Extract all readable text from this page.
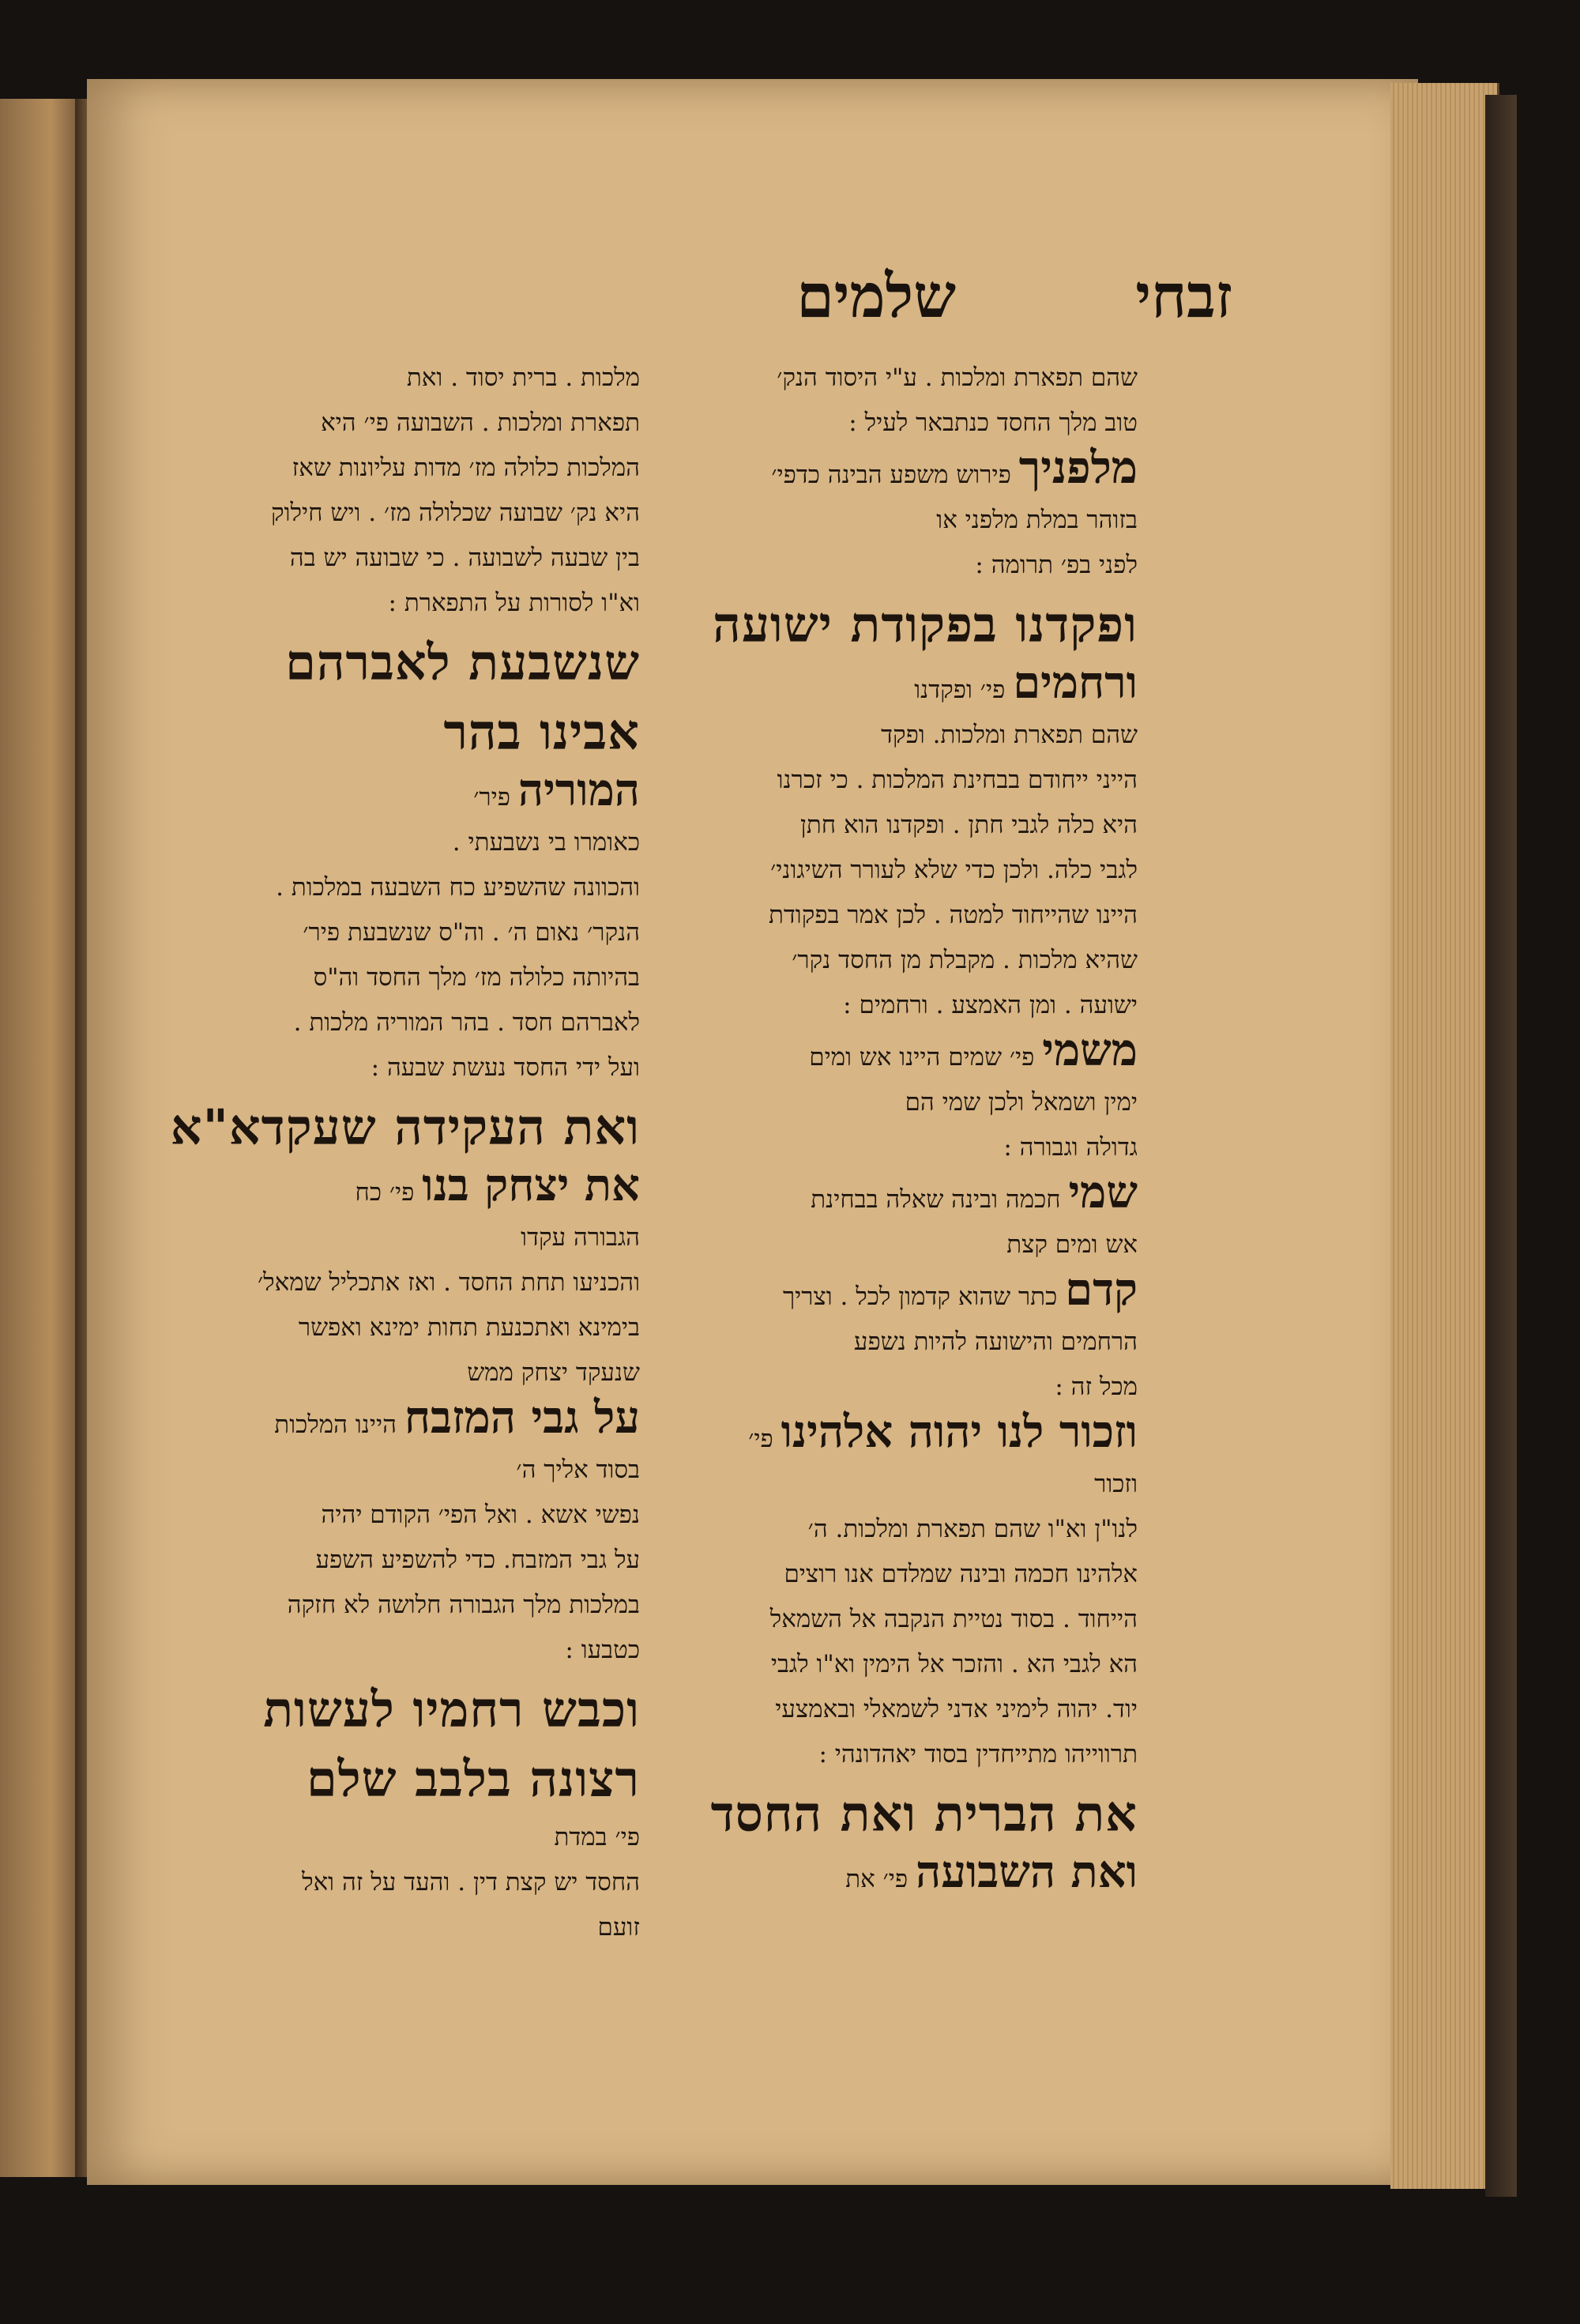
זבחי
שלמים
שהם תפארת ומלכות . ע"י היסוד הנק׳
טוב מלך החסד כנתבאר לעיל :
מלפניך פירוש משפע הבינה כדפי׳
בזוהר במלת מלפני או
לפני בפ׳ תרומה :
ופקדנו בפקודת ישועה
ורחמים פי׳ ופקדנו
שהם תפארת ומלכות. ופקד
הייני ייחודם בבחינת המלכות . כי זכרנו
היא כלה לגבי חתן . ופקדנו הוא חתן
לגבי כלה. ולכן כדי שלא לעורר השיגוני׳
היינו שהייחוד למטה . לכן אמר בפקודת
שהיא מלכות . מקבלת מן החסד נקר׳
ישועה . ומן האמצע . ורחמים :
משמי פי׳ שמים היינו אש ומים
ימין ושמאל ולכן שמי הם
גדולה וגבורה :
שמי חכמה ובינה שאלה בבחינת
אש ומים קצת
קדם כתר שהוא קדמון לכל . וצריך
הרחמים והישועה להיות נשפע
מכל זה :
וזכור לנו יהוה אלהינו פי׳
וזכור
לנו"ן וא"ו שהם תפארת ומלכות. ה׳
אלהינו חכמה ובינה שמלדם אנו רוצים
הייחוד . בסוד נטיית הנקבה אל השמאל
הא לגבי הא . והזכר אל הימין וא"ו לגבי
יוד. יהוה לימיני אדני לשמאלי ובאמצעי
תרווייהו מתייחדין בסוד יאהדונהי :
את הברית ואת החסד
ואת השבועה פי׳ את
מלכות . ברית יסוד . ואת
תפארת ומלכות . השבועה פי׳ היא
המלכות כלולה מז׳ מדות עליונות שאז
היא נק׳ שבועה שכלולה מז׳ . ויש חילוק
בין שבעה לשבועה . כי שבועה יש בה
וא"ו לסורות על התפארת :
שנשבעת לאברהם
אבינו בהר
המוריה פיר׳
כאומרו בי נשבעתי .
והכוונה שהשפיע כח השבעה במלכות .
הנקר׳ נאום ה׳ . וה"ס שנשבעת פיר׳
בהיותה כלולה מז׳ מלך החסד וה"ס
לאברהם חסד . בהר המוריה מלכות .
ועל ידי החסד נעשת שבעה :
ואת העקידה שעקדא"א
את יצחק בנו פי׳ כח
הגבורה עקדו
והכניעו תחת החסד . ואז אתכליל שמאל׳
בימינא ואתכנעת תחות ימינא ואפשר
שנעקד יצחק ממש
על גבי המזבח היינו המלכות
בסוד אליך ה׳
נפשי אשא . ואל הפי׳ הקודם יהיה
על גבי המזבח. כדי להשפיע השפע
במלכות מלך הגבורה חלושה לא חזקה
כטבעו :
וכבש רחמיו לעשות
רצונה בלבב שלם
פי׳ במדת
החסד יש קצת דין . והעד על זה ואל
זועם
